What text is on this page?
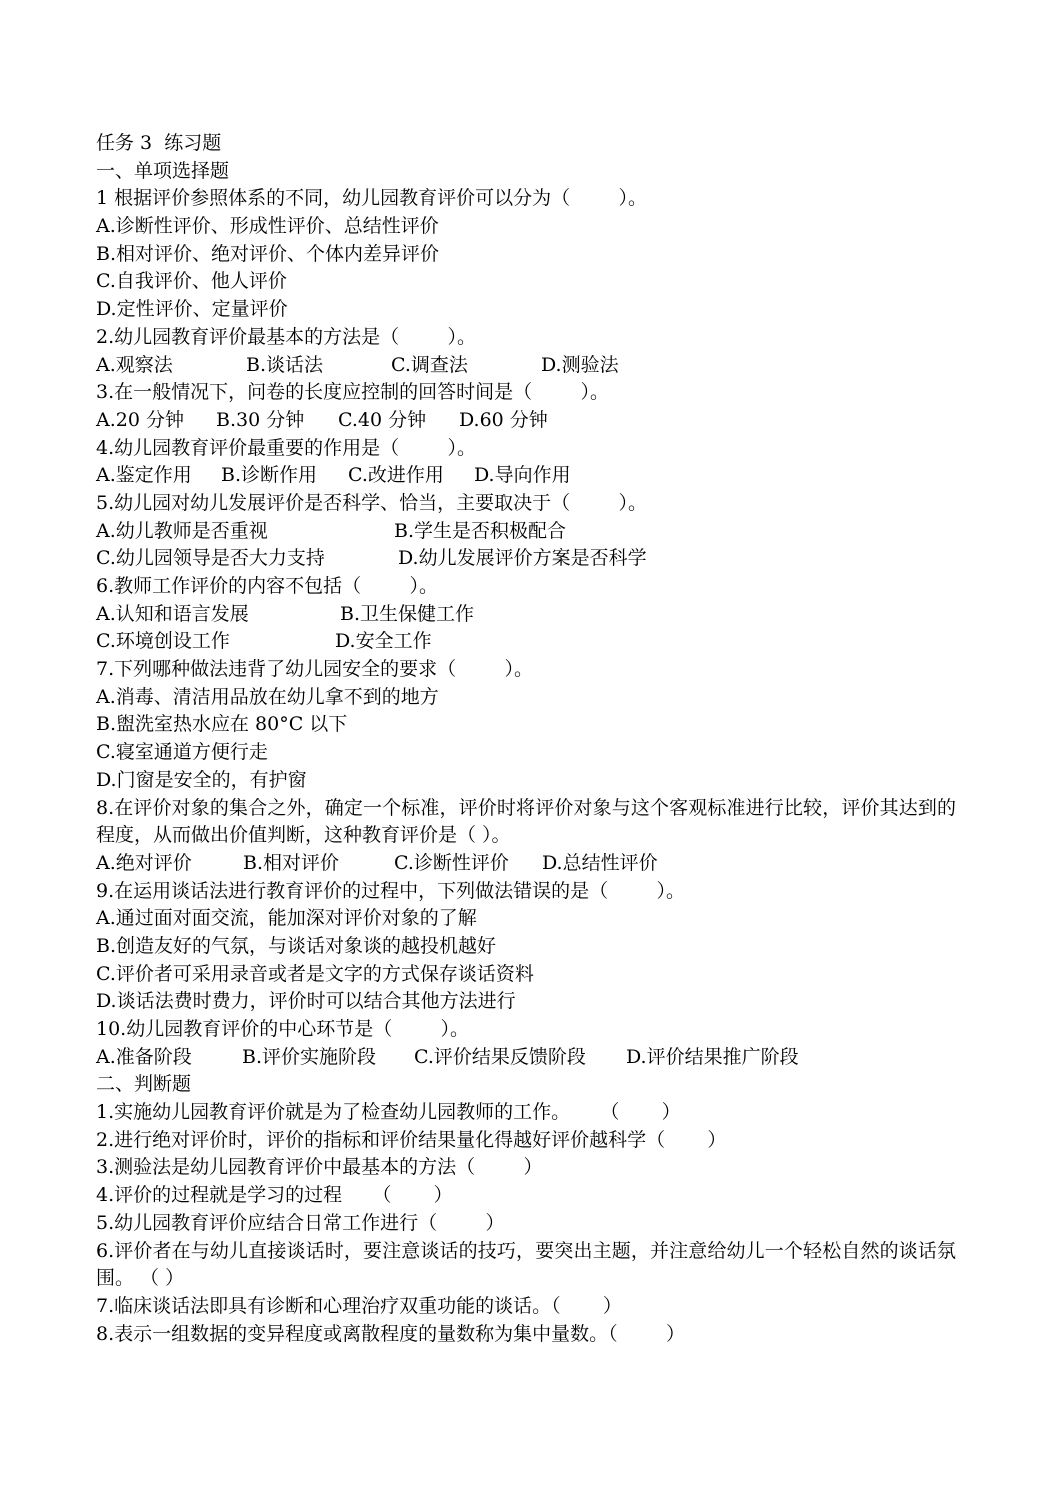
任务 3  练习题
一、单项选择题
1 根据评价参照体系的不同，幼儿园教育评价可以分为（        ）。
A.诊断性评价、形成性评价、总结性评价
B.相对评价、绝对评价、个体内差异评价
C.自我评价、他人评价
D.定性评价、定量评价
2.幼儿园教育评价最基本的方法是（        ）。
A.观察法	B.谈话法	C.调查法	D.测验法
3.在一般情况下，问卷的长度应控制的回答时间是（        ）。
A.20 分钟 B.30 分钟 C.40 分钟 D.60 分钟
4.幼儿园教育评价最重要的作用是（        ）。
A.鉴定作用 B.诊断作用 C.改进作用 D.导向作用
5.幼儿园对幼儿发展评价是否科学、恰当，主要取决于（        ）。
A.幼儿教师是否重视	B.学生是否积极配合
C.幼儿园领导是否大力支持	D.幼儿发展评价方案是否科学
6.教师工作评价的内容不包括（        ）。
A.认知和语言发展	B.卫生保健工作
C.环境创设工作	D.安全工作
7.下列哪种做法违背了幼儿园安全的要求（        ）。
A.消毒、清洁用品放在幼儿拿不到的地方
B.盥洗室热水应在 80°C 以下
C.寝室通道方便行走
D.门窗是安全的，有护窗
8.在评价对象的集合之外，确定一个标准，评价时将评价对象与这个客观标准进行比较，评价其达到的程度，从而做出价值判断，这种教育评价是（ ）。
A.绝对评价	B.相对评价	C.诊断性评价 D.总结性评价
9.在运用谈话法进行教育评价的过程中，下列做法错误的是（        ）。
A.通过面对面交流，能加深对评价对象的了解
B.创造友好的气氛，与谈话对象谈的越投机越好
C.评价者可采用录音或者是文字的方式保存谈话资料
D.谈话法费时费力，评价时可以结合其他方法进行
10.幼儿园教育评价的中心环节是（        ）。
A.准备阶段	B.评价实施阶段 C.评价结果反馈阶段 D.评价结果推广阶段
二、判断题
1.实施幼儿园教育评价就是为了检查幼儿园教师的工作。     （       ）
2.进行绝对评价时，评价的指标和评价结果量化得越好评价越科学（       ）
3.测验法是幼儿园教育评价中最基本的方法（        ）
4.评价的过程就是学习的过程     （       ）
5.幼儿园教育评价应结合日常工作进行（        ）
6.评价者在与幼儿直接谈话时，要注意谈话的技巧，要突出主题，并注意给幼儿一个轻松自然的谈话氛围。 （ ）
7.临床谈话法即具有诊断和心理治疗双重功能的谈话。（       ）
8.表示一组数据的变异程度或离散程度的量数称为集中量数。（        ）
